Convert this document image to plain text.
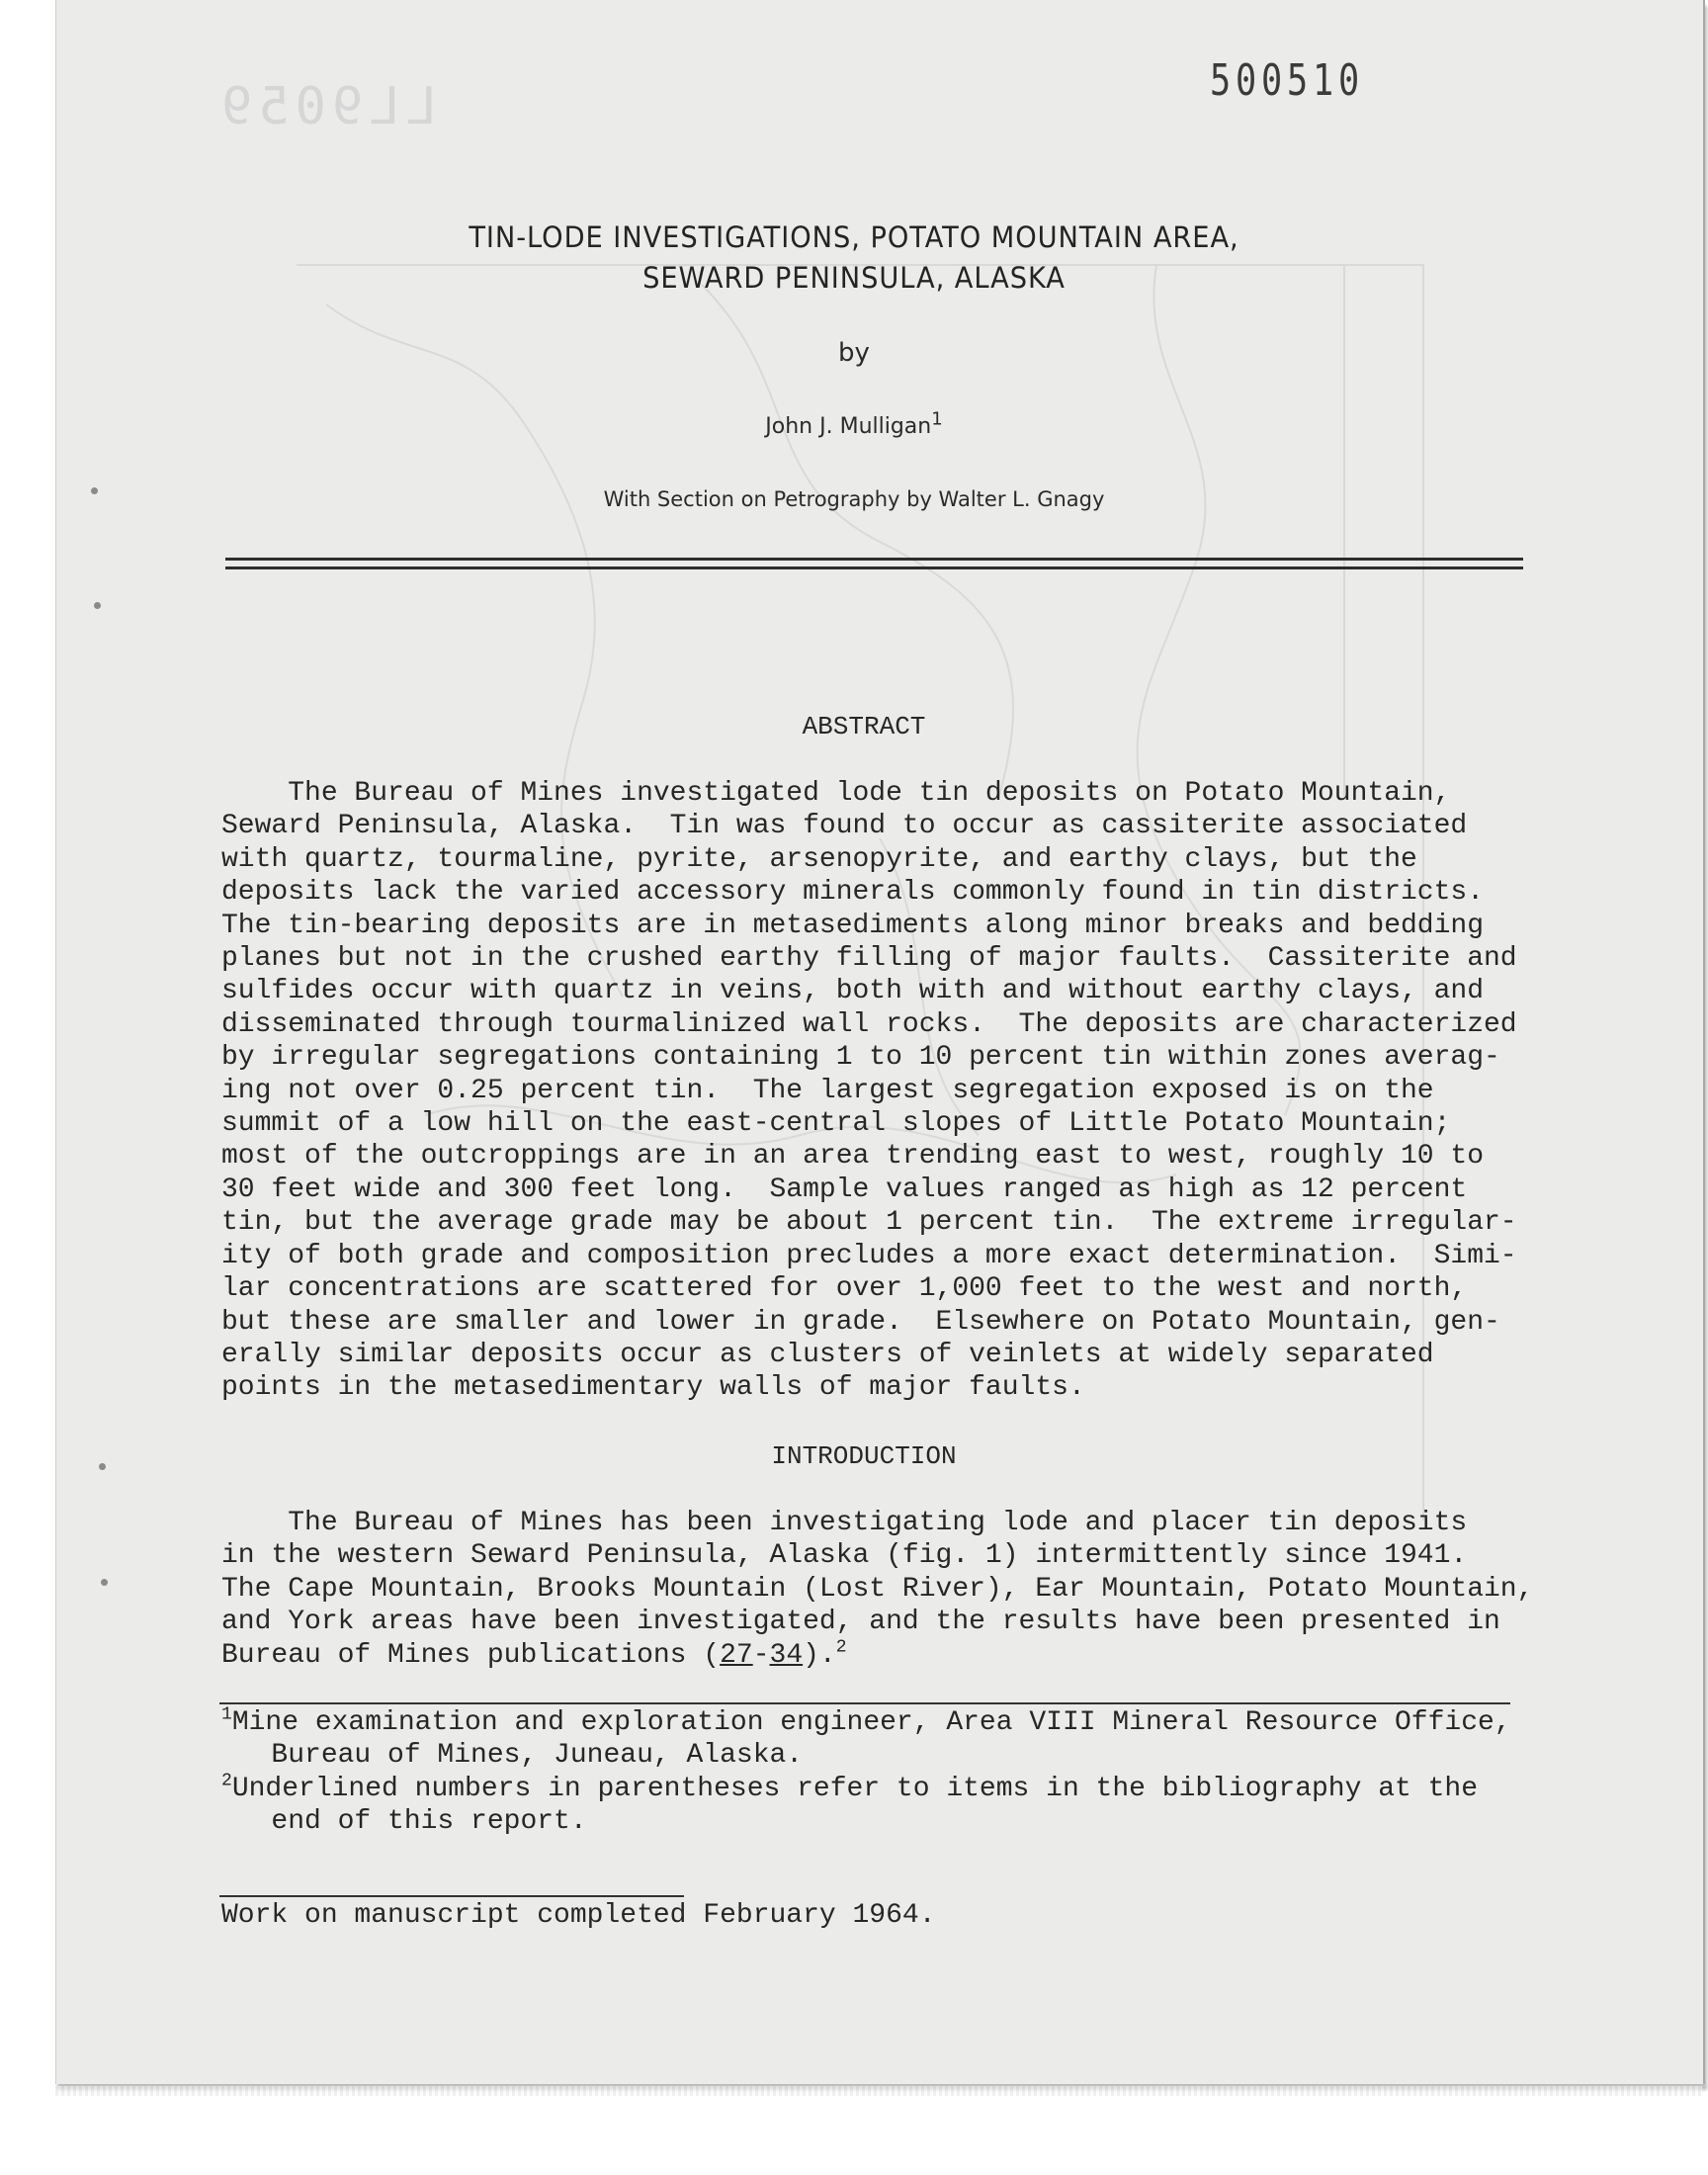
LL9059	500510
TIN-LODE INVESTIGATIONS, POTATO MOUNTAIN AREA,
SEWARD PENINSULA, ALASKA
by
John J. Mulligan$^1$
With Section on Petrography by Walter L. Gnagy
ABSTRACT
The Bureau of Mines investigated lode tin deposits on Potato Mountain,
Seward Peninsula, Alaska.  Tin was found to occur as cassiterite associated
with quartz, tourmaline, pyrite, arsenopyrite, and earthy clays, but the
deposits lack the varied accessory minerals commonly found in tin districts.
The tin-bearing deposits are in metasediments along minor breaks and bedding
planes but not in the crushed earthy filling of major faults.  Cassiterite and
sulfides occur with quartz in veins, both with and without earthy clays, and
disseminated through tourmalinized wall rocks.  The deposits are characterized
by irregular segregations containing 1 to 10 percent tin within zones averag-
ing not over 0.25 percent tin.  The largest segregation exposed is on the
summit of a low hill on the east-central slopes of Little Potato Mountain;
most of the outcroppings are in an area trending east to west, roughly 10 to
30 feet wide and 300 feet long.  Sample values ranged as high as 12 percent
tin, but the average grade may be about 1 percent tin.  The extreme irregular-
ity of both grade and composition precludes a more exact determination.  Simi-
lar concentrations are scattered for over 1,000 feet to the west and north,
but these are smaller and lower in grade.  Elsewhere on Potato Mountain, gen-
erally similar deposits occur as clusters of veinlets at widely separated
points in the metasedimentary walls of major faults.
INTRODUCTION
The Bureau of Mines has been investigating lode and placer tin deposits
in the western Seward Peninsula, Alaska (fig. 1) intermittently since 1941.
The Cape Mountain, Brooks Mountain (Lost River), Ear Mountain, Potato Mountain,
and York areas have been investigated, and the results have been presented in
Bureau of Mines publications (27-34).$^2$
$^1$Mine examination and exploration engineer, Area VIII Mineral Resource Office,
Bureau of Mines, Juneau, Alaska.
$^2$Underlined numbers in parentheses refer to items in the bibliography at the
end of this report.
Work on manuscript completed February 1964.
